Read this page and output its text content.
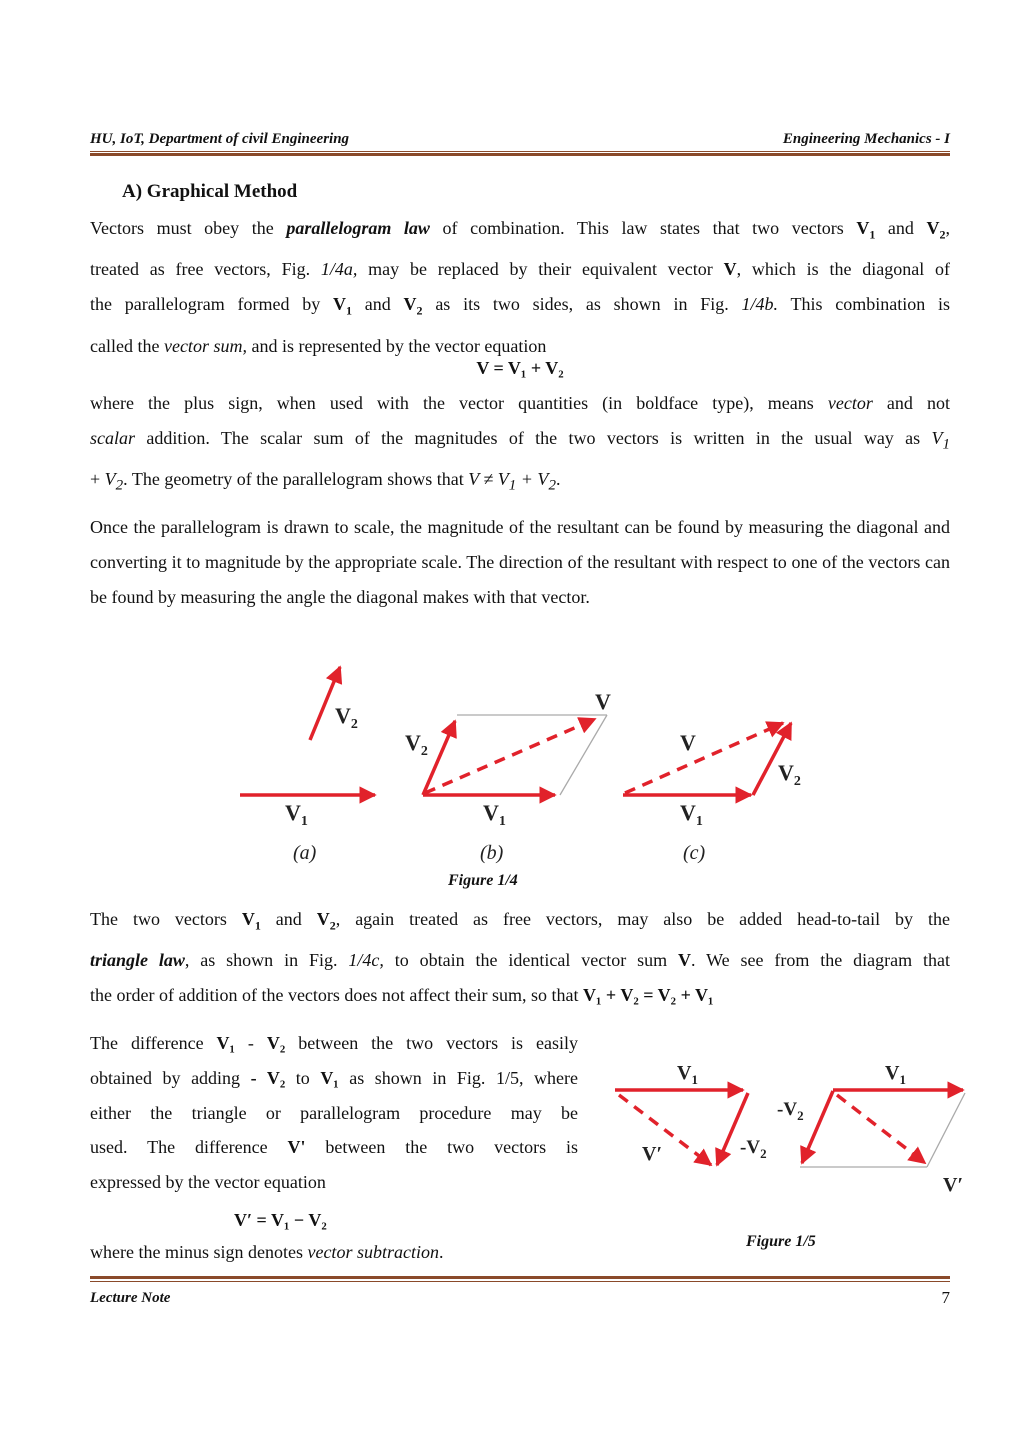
HU, IoT, Department of civil Engineering	Engineering Mechanics - I
A) Graphical Method
Vectors must obey the parallelogram law of combination. This law states that two vectors $V_1$ and $V_2$,
treated as free vectors, Fig. 1/4a, may be replaced by their equivalent vector V, which is the diagonal of
the parallelogram formed by $V_1$ and $V_2$ as its two sides, as shown in Fig. 1/4b. This combination is
called the vector sum, and is represented by the vector equation
V = V₁ + V₂
where the plus sign, when used with the vector quantities (in boldface type), means vector and not
scalar addition. The scalar sum of the magnitudes of the two vectors is written in the usual way as $V_1$
+ $V_2$. The geometry of the parallelogram shows that $V \ne V_1 + V_2$.
Once the parallelogram is drawn to scale, the magnitude of the resultant can be found by measuring the diagonal and converting it to magnitude by the appropriate scale. The direction of the resultant with respect to one of the vectors can be found by measuring the angle the diagonal makes with that vector.
$V_2$
$V_1$
(a)
$V_2$
V
$V_1$
(b)
V
$V_2$
$V_1$
(c)
Figure 1/4
The two vectors $V_1$ and $V_2$, again treated as free vectors, may also be added head-to-tail by the
triangle law, as shown in Fig. 1/4c, to obtain the identical vector sum V. We see from the diagram that
the order of addition of the vectors does not affect their sum, so that V₁ + V₂ = V₂ + V₁
The difference V₁ - V₂ between the two vectors is easily
obtained by adding - V₂ to V₁ as shown in Fig. 1/5, where
either the triangle or parallelogram procedure may be
used. The difference V' between the two vectors is
expressed by the vector equation
V′ = V₁ − V₂
where the minus sign denotes vector subtraction.
$V_1$
$-V_2$
V′
$V_1$
$-V_2$
V′
Figure 1/5
Lecture Note	7
